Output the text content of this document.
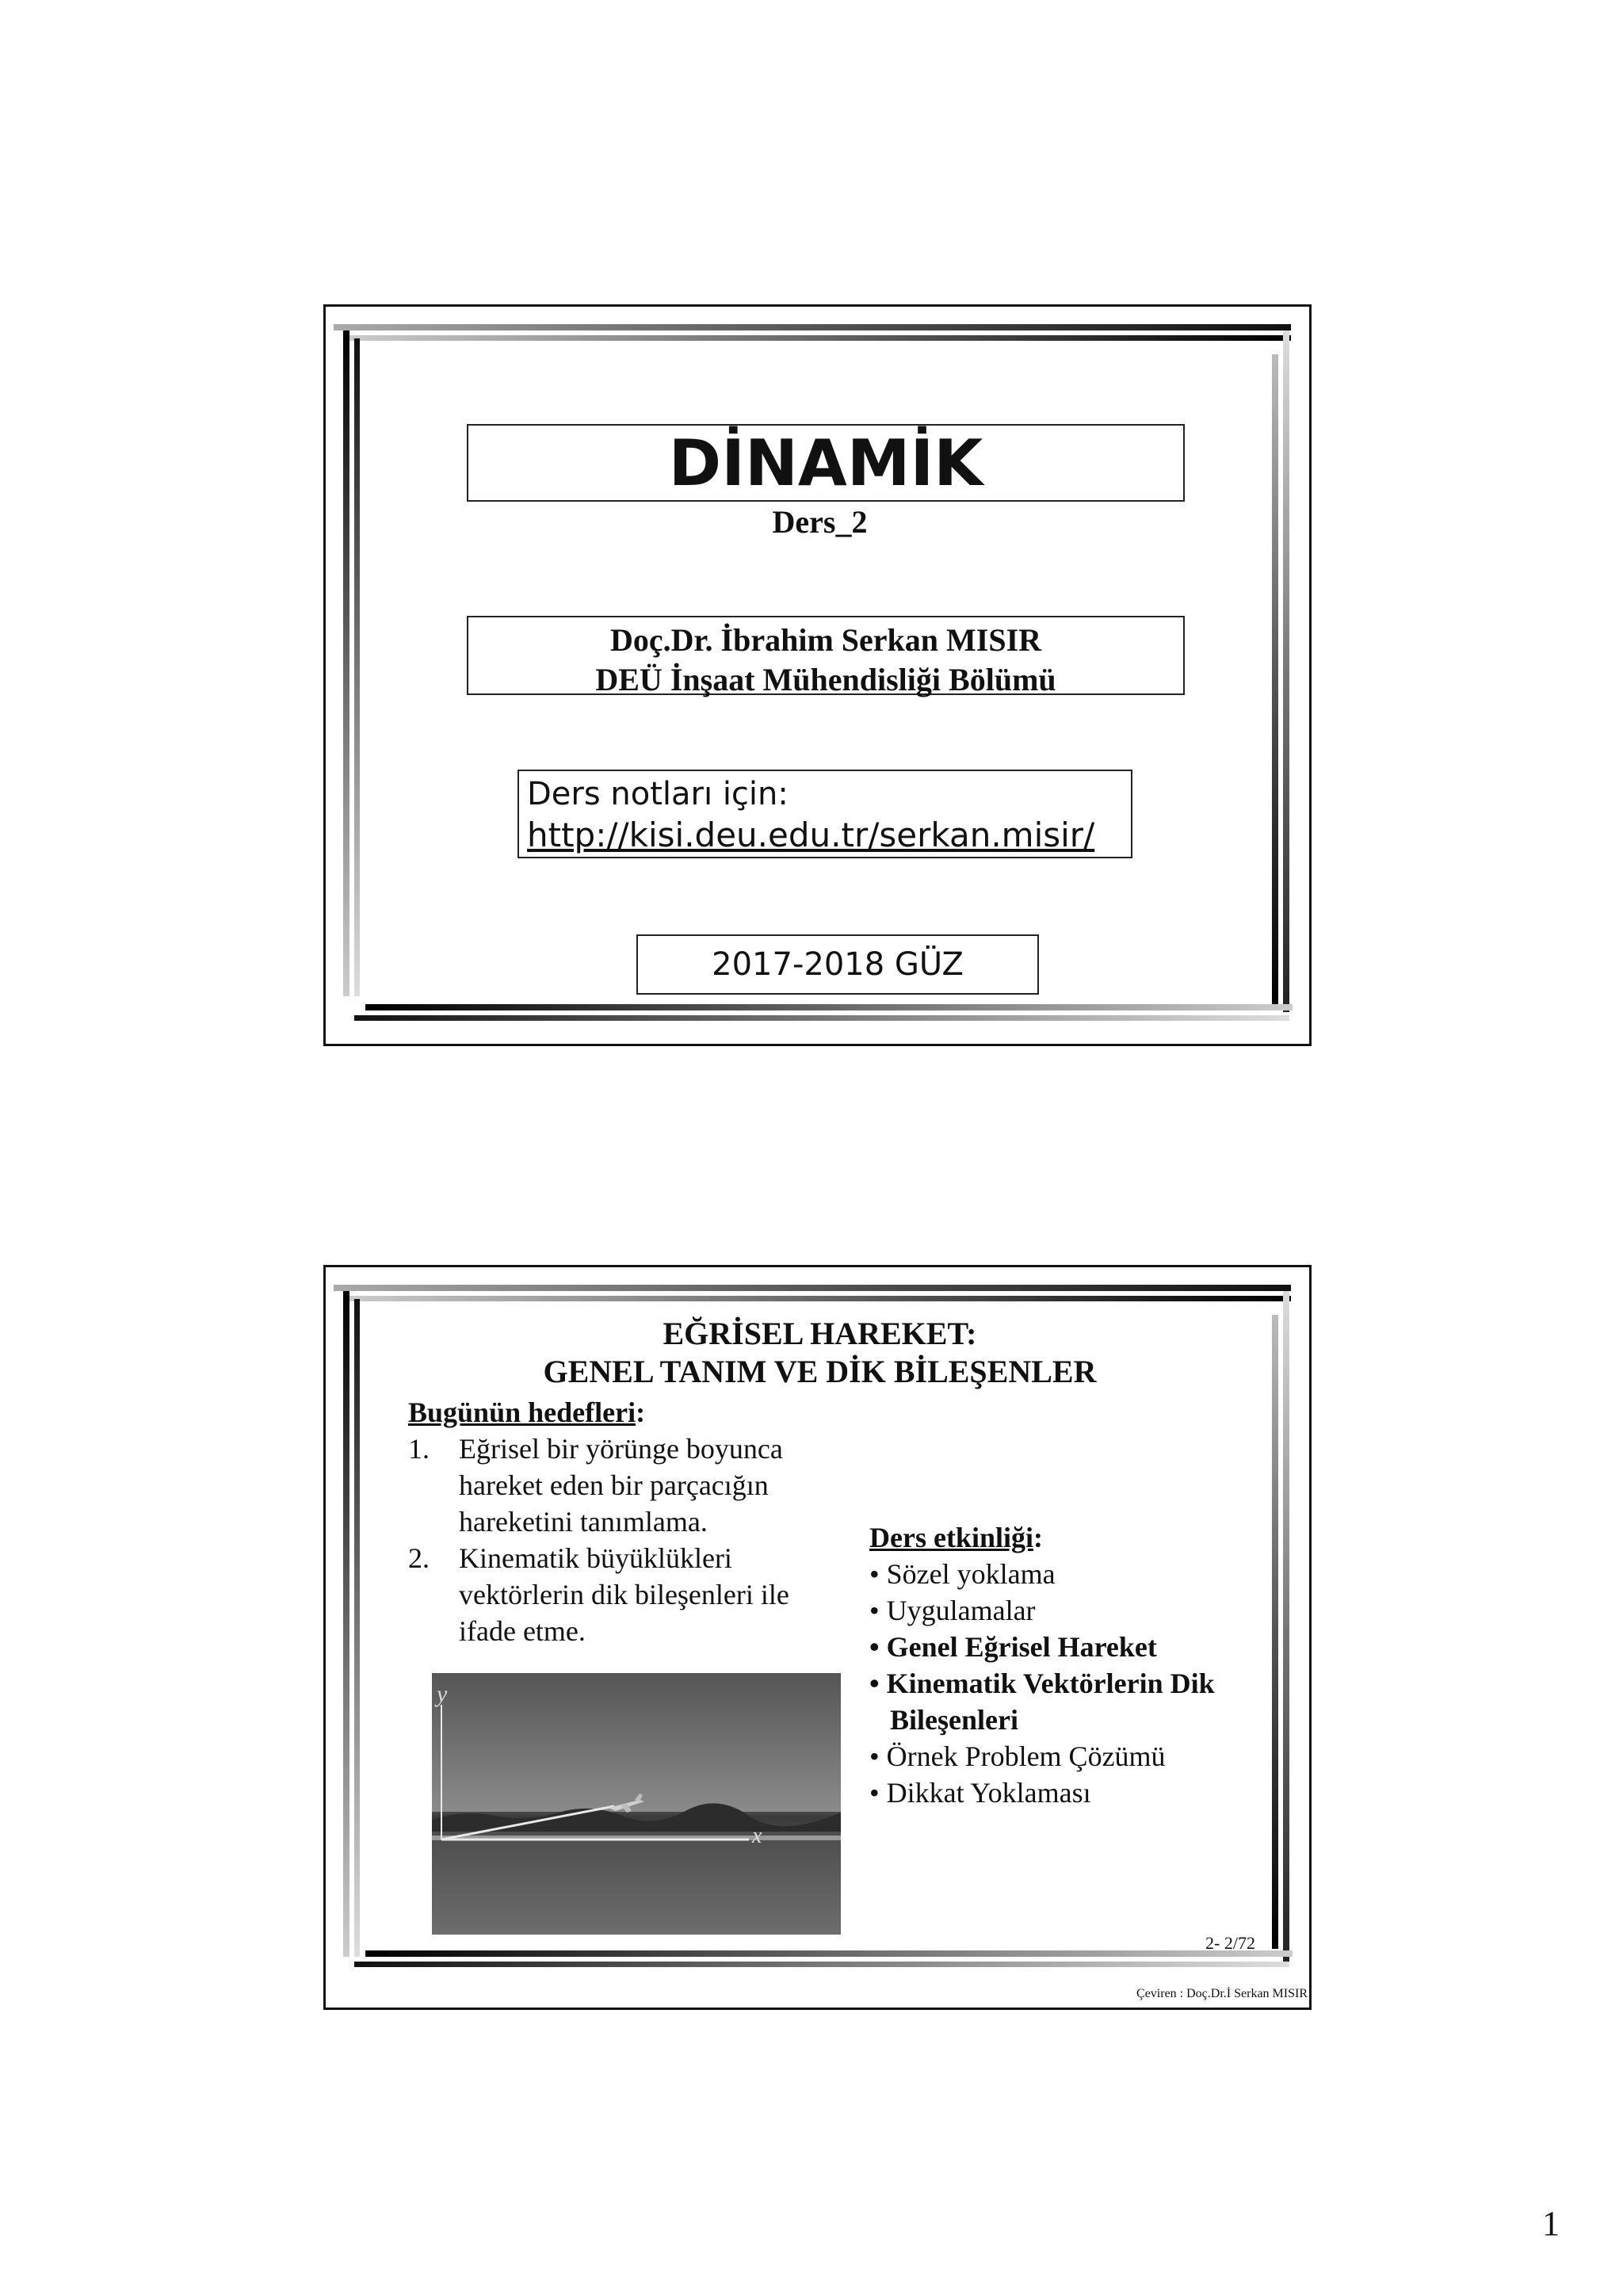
DİNAMİK
Ders_2
Doç.Dr. İbrahim Serkan MISIR
DEÜ İnşaat Mühendisliği Bölümü
Ders notları için:
http://kisi.deu.edu.tr/serkan.misir/
2017-2018 GÜZ
EĞRİSEL HAREKET:
GENEL TANIM VE DİK BİLEŞENLER
Bugünün hedefleri:
1. Eğrisel bir yörünge boyunca
hareket eden bir parçacığın
hareketini tanımlama.
2. Kinematik büyüklükleri
vektörlerin dik bileşenleri ile
ifade etme.
Ders etkinliği:
• Sözel yoklama
• Uygulamalar
• Genel Eğrisel Hareket
• Kinematik Vektörlerin Dik
Bileşenleri
• Örnek Problem Çözümü
• Dikkat Yoklaması
y
x
2- 2/72
Çeviren : Doç.Dr.İ Serkan MISIR
1
